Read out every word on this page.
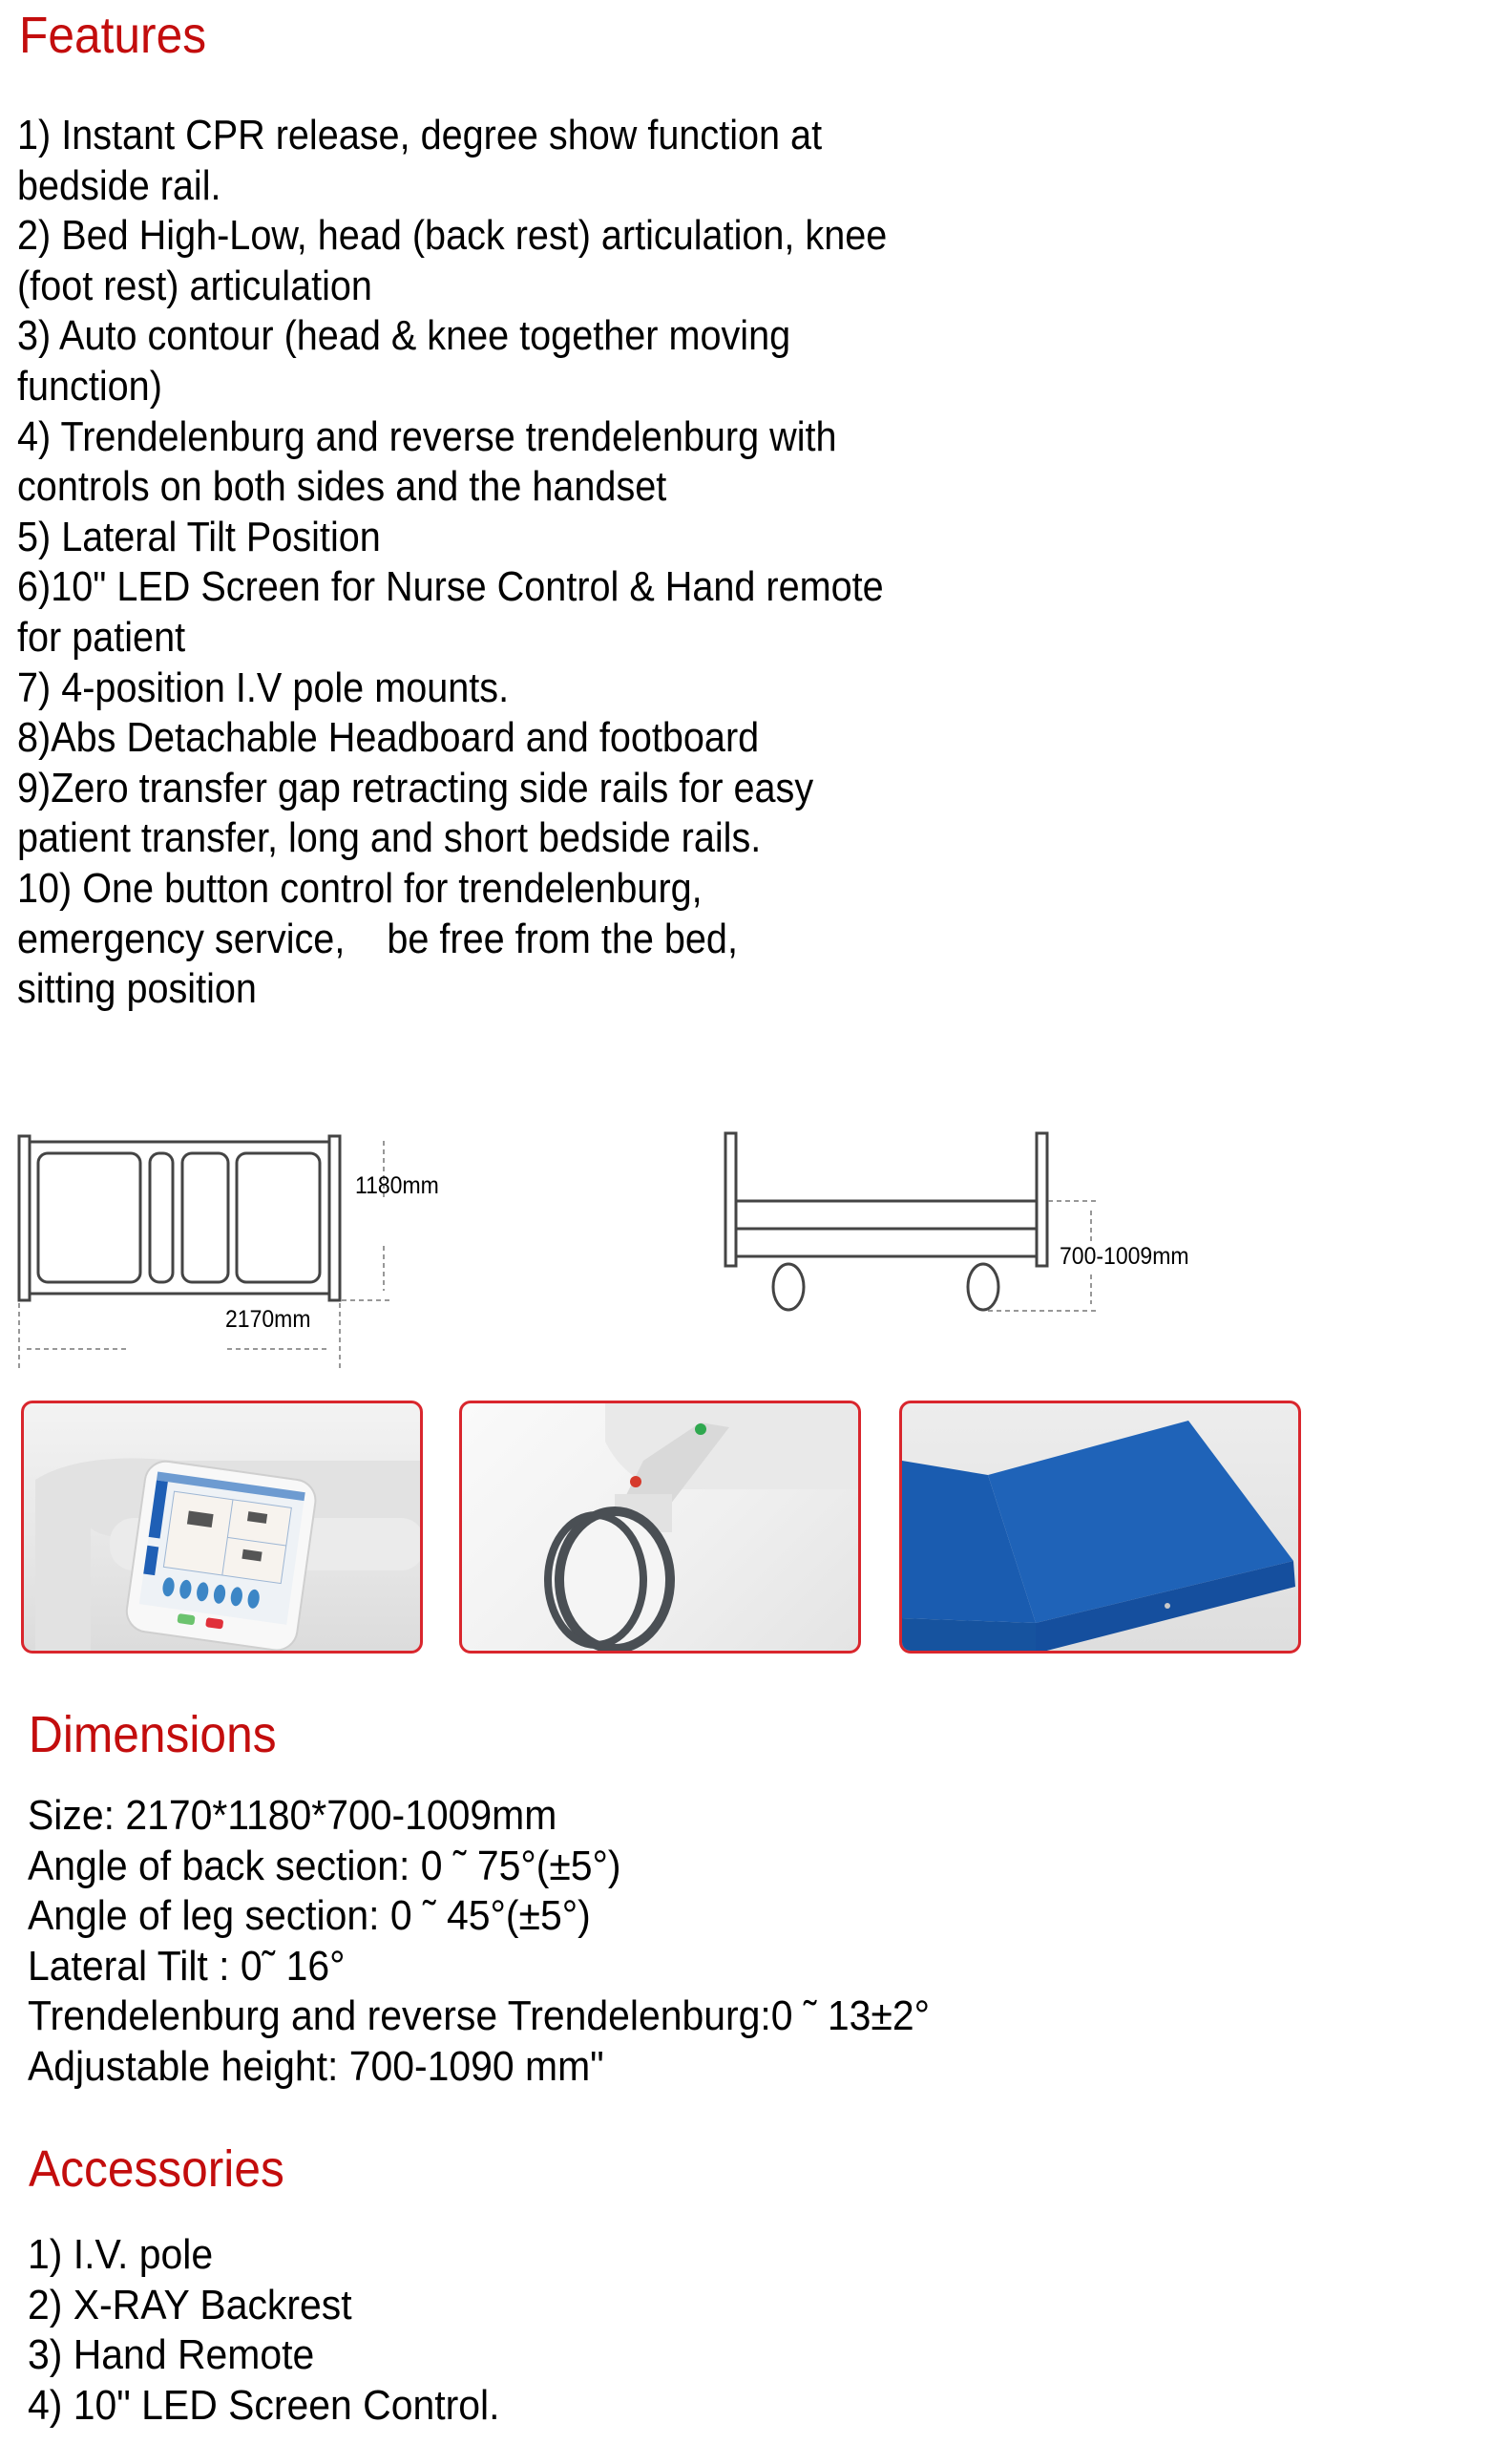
Features
1) Instant CPR release, degree show function at
bedside rail.
2) Bed High-Low, head (back rest) articulation, knee
(foot rest) articulation
3) Auto contour (head & knee together moving
function)
4) Trendelenburg and reverse trendelenburg with
controls on both sides and the handset
5) Lateral Tilt Position
6)10" LED Screen for Nurse Control & Hand remote
for patient
7) 4-position I.V pole mounts.
8)Abs Detachable Headboard and footboard
9)Zero transfer gap retracting side rails for easy
patient transfer, long and short bedside rails.
10) One button control for trendelenburg,
emergency service,    be free from the bed,
sitting position
2170mm
1180mm
700-1009mm
Dimensions
Size: 2170*1180*700-1009mm
Angle of back section: 0 ˜ 75°(±5°)
Angle of leg section: 0 ˜ 45°(±5°)
Lateral Tilt : 0˜ 16°
Trendelenburg and reverse Trendelenburg:0 ˜ 13±2°
Adjustable height: 700-1090 mm"
Accessories
1) I.V. pole
2) X-RAY Backrest
3) Hand Remote
4) 10" LED Screen Control.
